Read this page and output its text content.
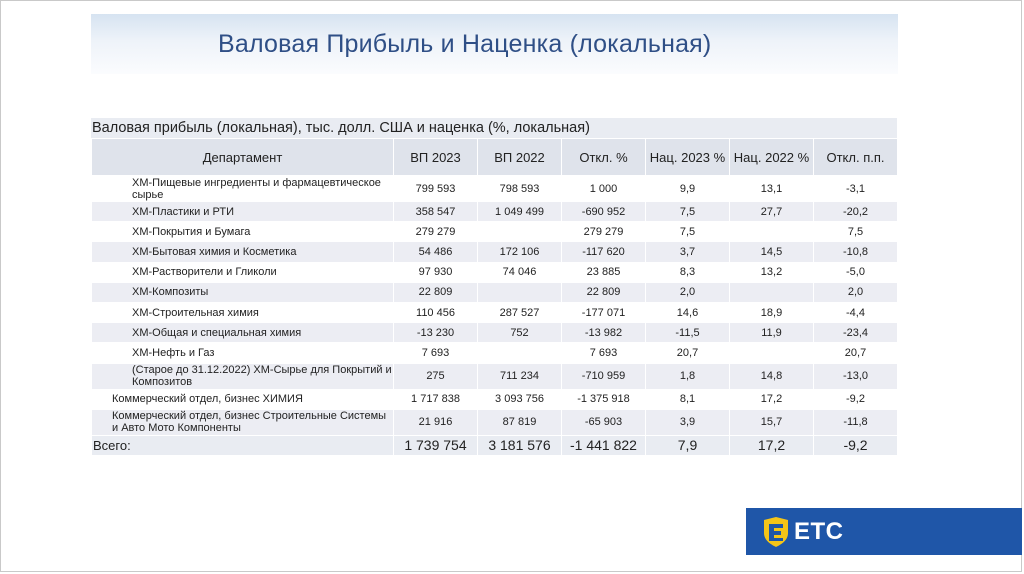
Валовая Прибыль и Наценка (локальная)
Валовая прибыль (локальная), тыс. долл. США и наценка (%, локальная)
Департамент	ВП 2023	ВП 2022	Откл. %	Нац. 2023 %	Нац. 2022 %	Откл. п.п.
ХМ-Пищевые ингредиенты и фармацевтическое сырье	799 593	798 593	1 000	9,9	13,1	-3,1
ХМ-Пластики и РТИ	358 547	1 049 499	-690 952	7,5	27,7	-20,2
ХМ-Покрытия и Бумага	279 279		279 279	7,5		7,5
ХМ-Бытовая химия и Косметика	54 486	172 106	-117 620	3,7	14,5	-10,8
ХМ-Растворители и Гликоли	97 930	74 046	23 885	8,3	13,2	-5,0
ХМ-Композиты	22 809		22 809	2,0		2,0
ХМ-Строительная химия	110 456	287 527	-177 071	14,6	18,9	-4,4
ХМ-Общая и специальная химия	-13 230	752	-13 982	-11,5	11,9	-23,4
ХМ-Нефть и Газ	7 693		7 693	20,7		20,7
(Старое до 31.12.2022) ХМ-Сырье для Покрытий и Композитов	275	711 234	-710 959	1,8	14,8	-13,0
Коммерческий отдел, бизнес ХИМИЯ	1 717 838	3 093 756	-1 375 918	8,1	17,2	-9,2
Коммерческий отдел, бизнес Строительные Системы и Авто Мото Компоненты	21 916	87 819	-65 903	3,9	15,7	-11,8
Всего:	1 739 754	3 181 576	-1 441 822	7,9	17,2	-9,2
ETC
